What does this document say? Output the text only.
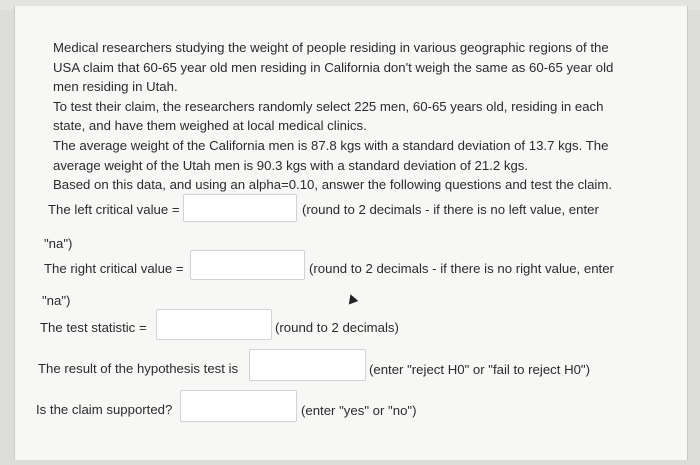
Medical researchers studying the weight of people residing in various geographic regions of the
USA claim that 60-65 year old men residing in California don't weigh the same as 60-65 year old
men residing in Utah.
To test their claim, the researchers randomly select 225 men, 60-65 years old, residing in each
state, and have them weighed at local medical clinics.
The average weight of the California men is 87.8 kgs with a standard deviation of 13.7 kgs. The
average weight of the Utah men is 90.3 kgs with a standard deviation of 21.2 kgs.
Based on this data, and using an alpha=0.10, answer the following questions and test the claim.
The left critical value =	(round to 2 decimals - if there is no left value, enter
"na")
The right critical value =	(round to 2 decimals - if there is no right value, enter
"na")
The test statistic =	(round to 2 decimals)
The result of the hypothesis test is	(enter "reject H0" or "fail to reject H0")
Is the claim supported?	(enter "yes" or "no")
